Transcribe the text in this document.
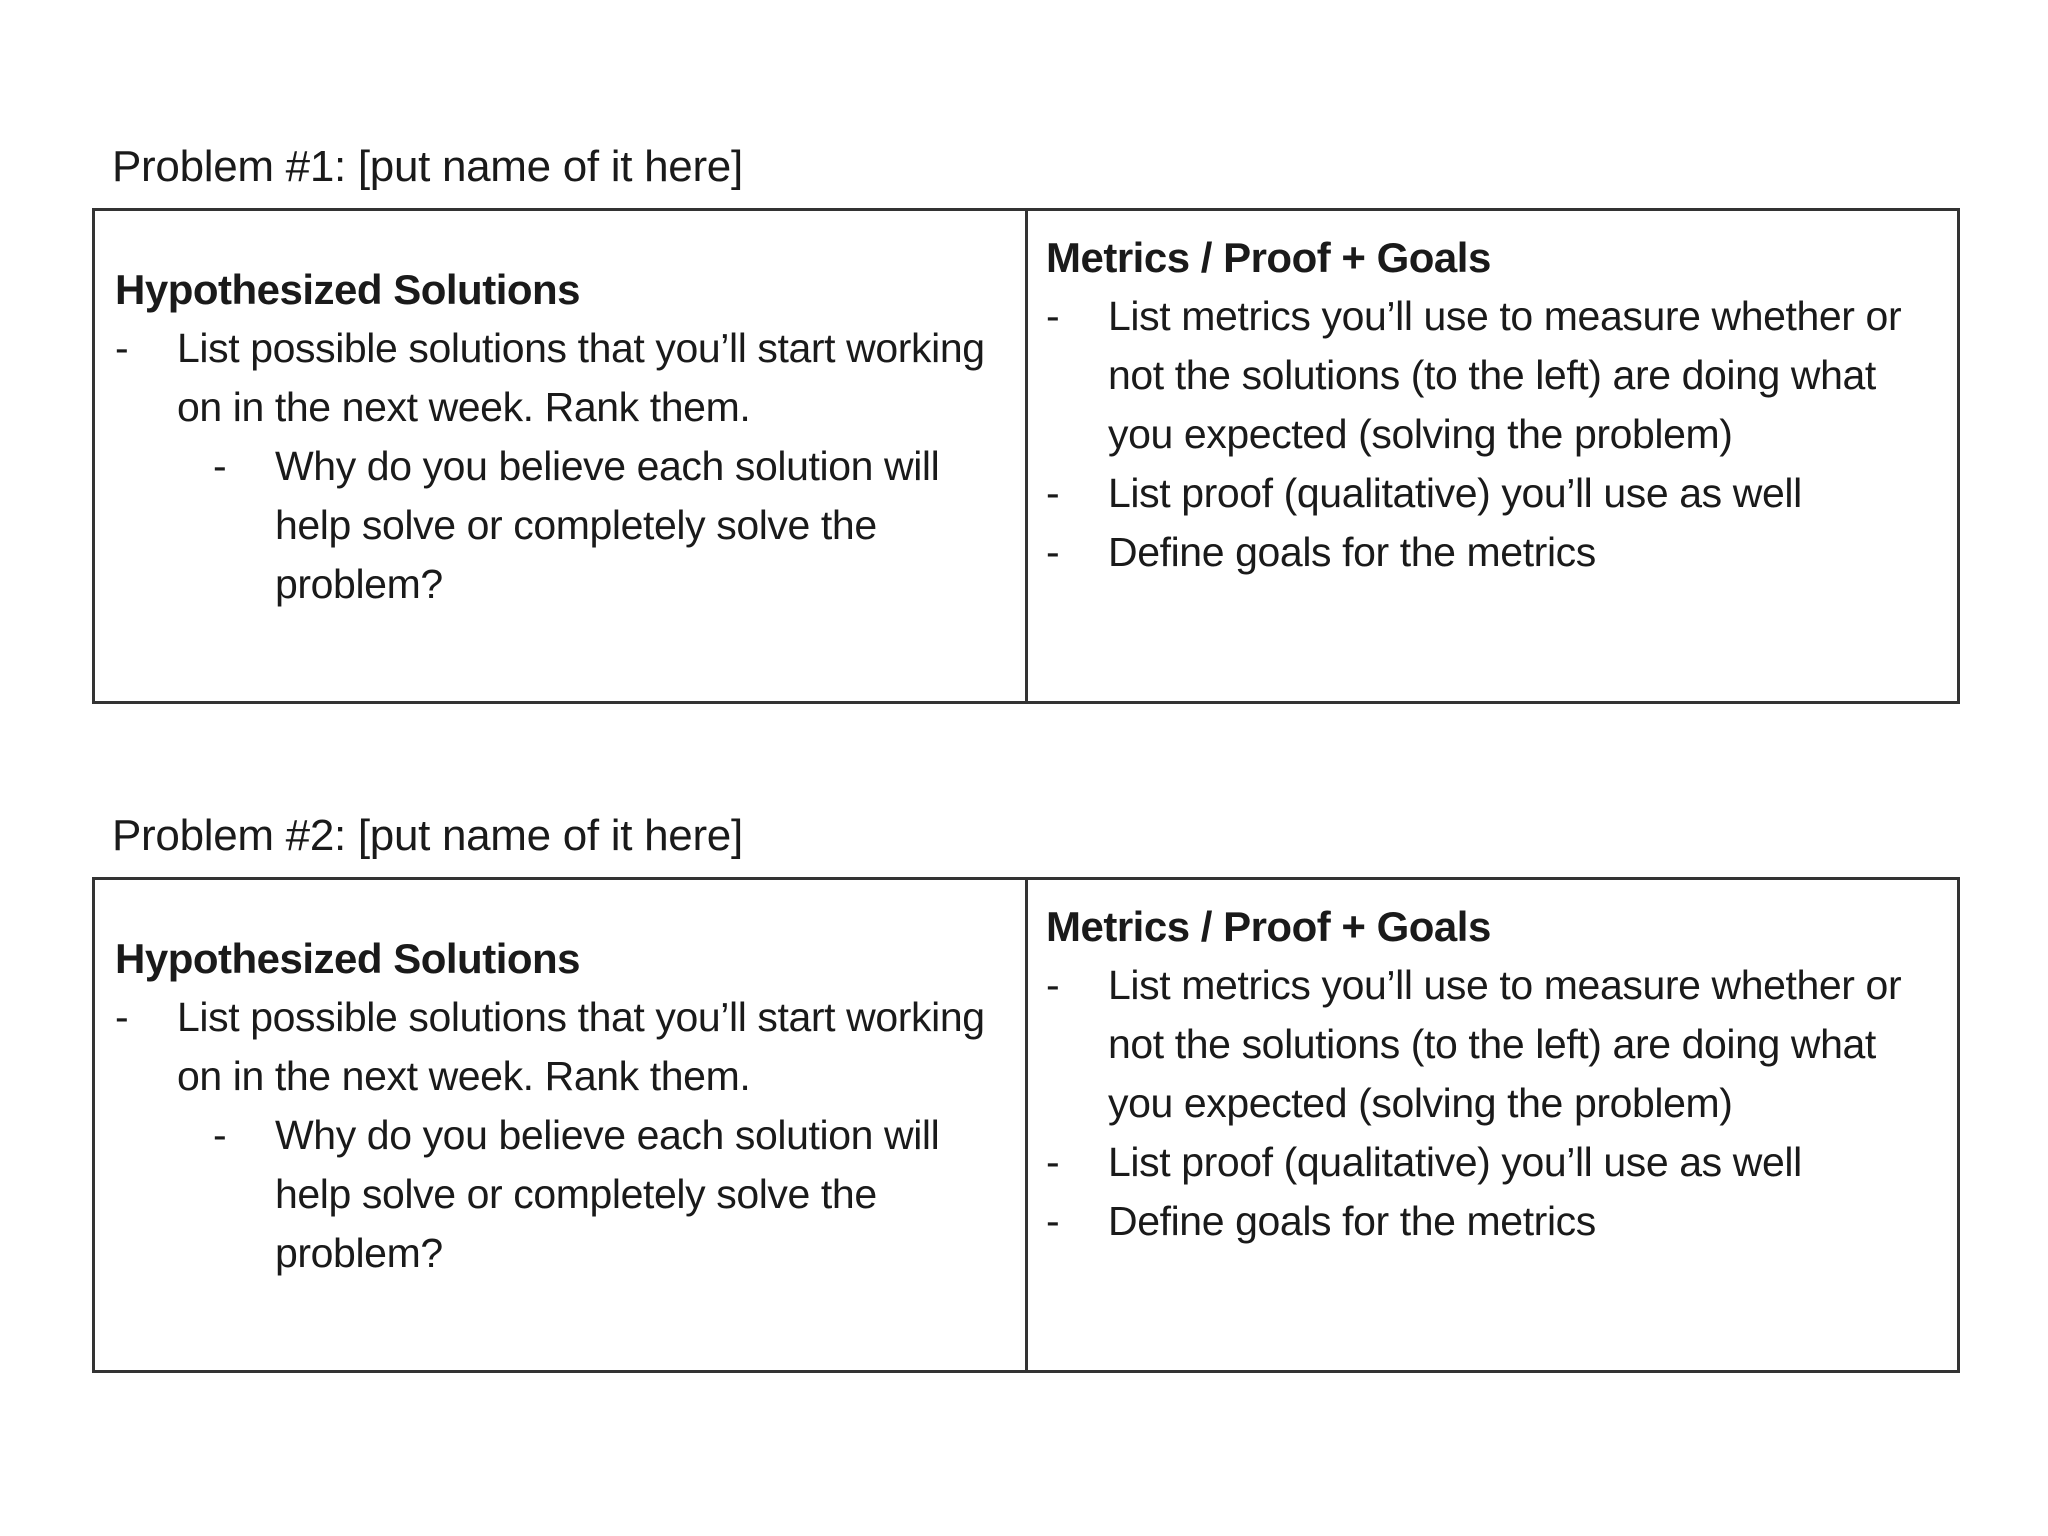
Problem #1: [put name of it here]
Hypothesized Solutions
- List possible solutions that you’ll start working on in the next week. Rank them.
- Why do you believe each solution will help solve or completely solve the problem?
Metrics / Proof + Goals
- List metrics you’ll use to measure whether or not the solutions (to the left) are doing what you expected (solving the problem)
- List proof (qualitative) you’ll use as well
- Define goals for the metrics
Problem #2: [put name of it here]
Hypothesized Solutions
- List possible solutions that you’ll start working on in the next week. Rank them.
- Why do you believe each solution will help solve or completely solve the problem?
Metrics / Proof + Goals
- List metrics you’ll use to measure whether or not the solutions (to the left) are doing what you expected (solving the problem)
- List proof (qualitative) you’ll use as well
- Define goals for the metrics
